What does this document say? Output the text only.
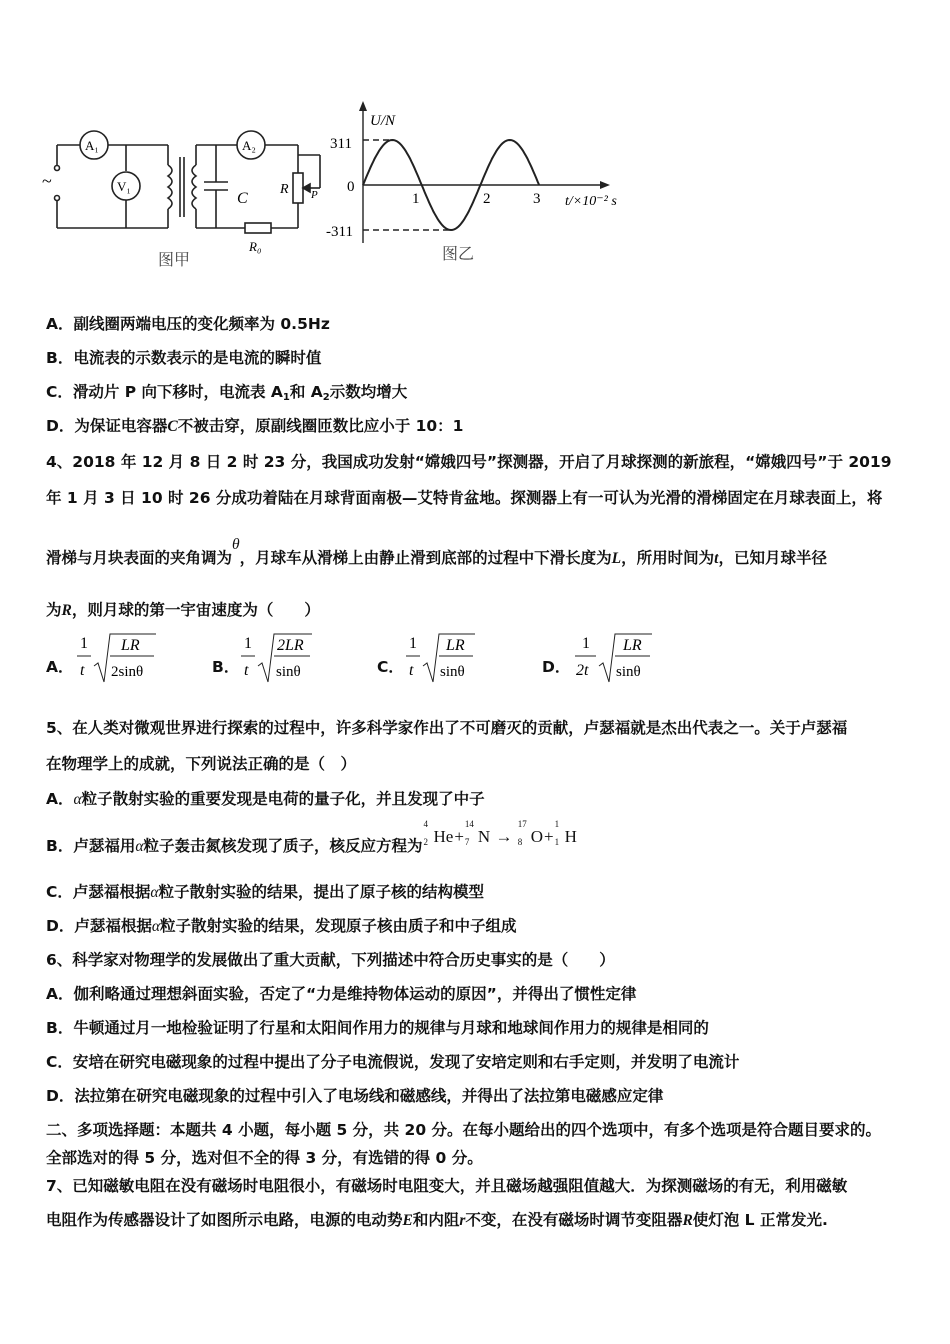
~
A₁
V₁
A₂
C
R P
R₀
图甲
U/N
311
0
-311
1	2	3 t/×10⁻² s
图乙
A．副线圈两端电压的变化频率为 0.5Hz
B．电流表的示数表示的是电流的瞬时值
C．滑动片 P 向下移时，电流表 $A_1$和 $A_2$示数均增大
D．为保证电容器C不被击穿，原副线圈匝数比应小于 10：1
4、2018 年 12 月 8 日 2 时 23 分，我国成功发射“嫦娥四号”探测器，开启了月球探测的新旅程，“嫦娥四号”于 2019
年 1 月 3 日 10 时 26 分成功着陆在月球背面南极—艾特肯盆地。探测器上有一可认为光滑的滑梯固定在月球表面上，将
滑梯与月块表面的夹角调为θ，月球车从滑梯上由静止滑到底部的过程中下滑长度为L，所用时间为t，已知月球半径
为R，则月球的第一宇宙速度为（　　）
A．
1
t
LR
2sinθ	B．
1
t
2LR
sinθ	C．
1
t
LR
sinθ	D．
1
2t
LR
sinθ
5、在人类对微观世界进行探索的过程中，许多科学家作出了不可磨灭的贡献，卢瑟福就是杰出代表之一。关于卢瑟福
在物理学上的成就，下列说法正确的是（　）
A．α粒子散射实验的重要发现是电荷的量子化，并且发现了中子
B．卢瑟福用α粒子轰击氮核发现了质子，核反应方程为
4
2 He+
14
7 N →
17
8 O+
1
1 H
C．卢瑟福根据α粒子散射实验的结果，提出了原子核的结构模型
D．卢瑟福根据α粒子散射实验的结果，发现原子核由质子和中子组成
6、科学家对物理学的发展做出了重大贡献，下列描述中符合历史事实的是（　　）
A．伽利略通过理想斜面实验，否定了“力是维持物体运动的原因”，并得出了惯性定律
B．牛顿通过月一地检验证明了行星和太阳间作用力的规律与月球和地球间作用力的规律是相同的
C．安培在研究电磁现象的过程中提出了分子电流假说，发现了安培定则和右手定则，并发明了电流计
D．法拉第在研究电磁现象的过程中引入了电场线和磁感线，并得出了法拉第电磁感应定律
二、多项选择题：本题共 4 小题，每小题 5 分，共 20 分。在每小题给出的四个选项中，有多个选项是符合题目要求的。
全部选对的得 5 分，选对但不全的得 3 分，有选错的得 0 分。
7、已知磁敏电阻在没有磁场时电阻很小，有磁场时电阻变大，并且磁场越强阻值越大．为探测磁场的有无，利用磁敏
电阻作为传感器设计了如图所示电路，电源的电动势E和内阻r不变，在没有磁场时调节变阻器R使灯泡 L 正常发光.
